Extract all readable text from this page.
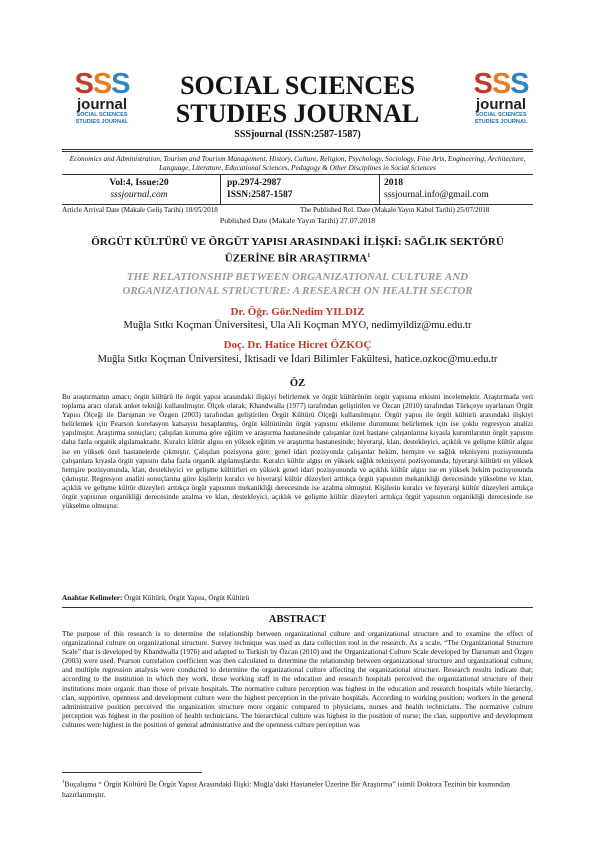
SSS
journal
SOCIAL SCIENCES
STUDIES JOURNAL
SSS
journal
SOCIAL SCIENCES
STUDIES JOURNAL
SOCIAL SCIENCES
STUDIES JOURNAL
SSSjournal (ISSN:2587-1587)
Economics and Administration, Tourism and Tourism Management, History, Culture, Religion, Psychology, Sociology, Fine Arts, Engineering, Architecture, Language, Literature, Educational Sciences, Pedagogy & Other Disciplines in Social Sciences
Vol:4, Issue:20
sssjournal.com
pp.2974-2987
ISSN:2587-1587
2018
sssjournal.info@gmail.com
Article Arrival Date (Makale Geliş Tarihi) 18/05/2018	The Published Rel. Date (Makale Yayın Kabul Tarihi) 25/07/2018
Published Date (Makale Yayın Tarihi) 27.07.2018
ÖRGÜT KÜLTÜRÜ VE ÖRGÜT YAPISI ARASINDAKİ İLİŞKİ: SAĞLIK SEKTÖRÜ
ÜZERİNE BİR ARAŞTIRMA$^1$
THE RELATIONSHIP BETWEEN ORGANIZATIONAL CULTURE AND
ORGANIZATIONAL STRUCTURE: A RESEARCH ON HEALTH SECTOR
Dr. Öğr. Gör.Nedim YILDIZ
Muğla Sıtkı Koçman Üniversitesi, Ula Ali Koçman MYO, nedimyildiz@mu.edu.tr
Doç. Dr. Hatice Hicret ÖZKOÇ
Muğla Sıtkı Koçman Üniversitesi, İktisadi ve İdari Bilimler Fakültesi, hatice.ozkoc@mu.edu.tr
ÖZ
Bu araştırmanın amacı; örgüt kültürü ile örgüt yapısı arasındaki ilişkiyi belirlemek ve örgüt kültürünün örgüt yapısına etkisini incelemektir. Araştırmada veri toplama aracı olarak anket tekniği kullanılmıştır. Ölçek olarak; Khandwalla (1977) tarafından geliştirilen ve Özcan (2010) tarafından Türkçeye uyarlanan Örgüt Yapısı Ölçeği ile Darışman ve Özgen (2003) tarafından geliştirilen Örgüt Kültürü Ölçeği kullanılmıştır. Örgüt yapısı ile örgüt kültürü arasındaki ilişkiyi belirlemek için Pearson korelasyon katsayısı hesaplanmış, örgüt kültürünün örgüt yapısını etkileme durumunu belirlemek için ise çoklu regresyon analizi yapılmıştır. Araştırma sonuçları; çalışılan kuruma göre eğitim ve araştırma hastanesinde çalışanlar özel hastane çalışanlarına kıyasla kurumlarının örgüt yapısını daha fazla organik algılamaktadır. Kuralcı kültür algısı en yüksek eğitim ve araştırma hastanesinde; hiyerarşi, klan, destekleyici, açıklık ve gelişme kültür algısı ise en yüksek özel hastanelerde çıkmıştır. Çalışılan pozisyona göre; genel idari pozisyonda çalışanlar hekim, hemşire ve sağlık teknisyeni pozisyonunda çalışanlara kıyasla örgüt yapısını daha fazla organik algılamışlardır. Kuralcı kültür algısı en yüksek sağlık teknisyeni pozisyonunda, hiyerarşi kültürü en yüksek hemşire pozisyonunda, klan, destekleyici ve gelişme kültürleri en yüksek genel idari pozisyonunda ve açıklık kültür algısı ise en yüksek hekim pozisyonunda çıkmıştır. Regresyon analizi sonuçlarına göre kişilerin kuralcı ve hiyerarşi kültür düzeyleri arttıkça örgüt yapısının mekanikliği derecesinde yükselme ve klan, açıklık ve gelişme kültür düzeyleri arttıkça örgüt yapısının mekanikliği derecesinde ise azalma olmuştur. Kişilerin kuralcı ve hiyerarşi kültür düzeyleri arttıkça örgüt yapısının organikliği derecesinde azalma ve klan, destekleyici, açıklık ve gelişme kültür düzeyleri arttıkça örgüt yapısının organikliği derecesinde ise yükselme olmuştur.
Anahtar Kelimeler: Örgüt Kültürü, Örgüt Yapısı, Örgüt Kültürü
ABSTRACT
The purpose of this research is to determine the relationship between organizational culture and organizational structure and to examine the effect of organizational culture on organizational structure. Survey technique was used as data collection tool in the research. As a scale, “The Organizational Structure Scale” that is developed by Khandwalla (1976) and adapted to Turkish by Özcan (2010) and the Organizational Culture Scale developed by Darısman and Özgen (2003) were used. Pearson correlation coefficient was then calculated to determine the relationship between organizational structure and organizational culture, and multiple regression analysis were conducted to determine the organizational culture affecting the organizational structure. Research results indicate that; according to the institution in which they work, those working staff in the education and research hospitals perceived the organizational structure of their institutions more organic than those of private hospitals. The normative culture perception was highest in the education and research hospitals while hierarchy, clan, supportive, openness and development culture were the highest perception in the private hospitals. According to working position; workers in the general administrative position perceived the organization structure more organic compared to physicians, nurses and health technicians. The normative culture perception was highest in the position of health technicians. The hierarchical culture was highest in the position of nurse; the clan, supportive and development cultures were highest in the position of general administrative and the openness culture perception was
$^1$Buçalışma “ Örgüt Kültürü İle Örgüt Yapısı Arasındaki İlişki: Muğla’daki Hastaneler Üzerine Bir Araştırma” isimli Doktora Tezinin bir kısmından hazırlanmıştır.
